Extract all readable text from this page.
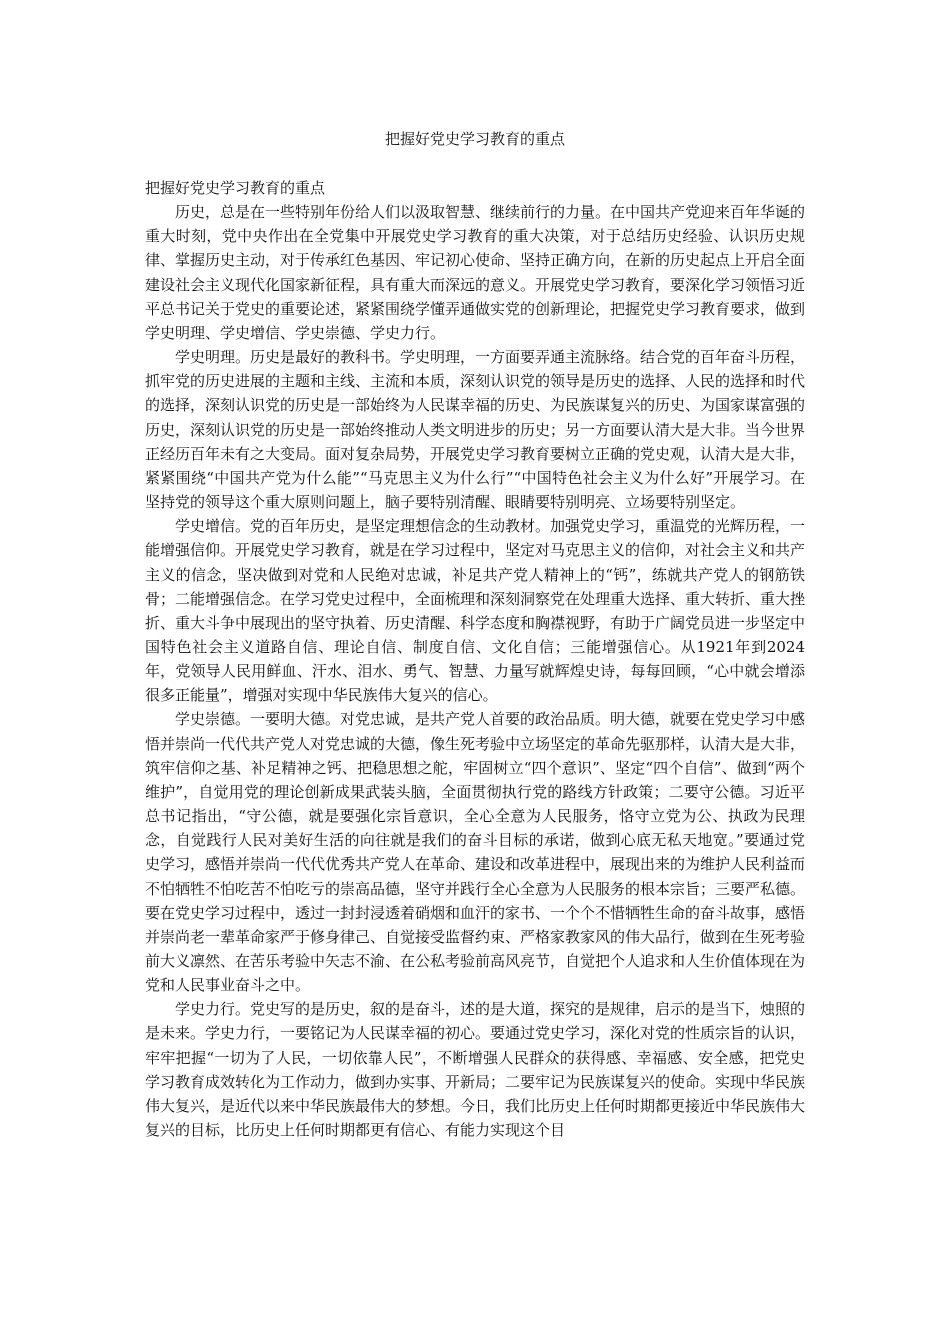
把握好党史学习教育的重点

把握好党史学习教育的重点

历史，总是在一些特别年份给人们以汲取智慧、继续前行的力量。在中国共产党迎来百年华诞的重大时刻，党中央作出在全党集中开展党史学习教育的重大决策，对于总结历史经验、认识历史规律、掌握历史主动，对于传承红色基因、牢记初心使命、坚持正确方向，在新的历史起点上开启全面建设社会主义现代化国家新征程，具有重大而深远的意义。开展党史学习教育，要深化学习领悟习近平总书记关于党史的重要论述，紧紧围绕学懂弄通做实党的创新理论，把握党史学习教育要求，做到学史明理、学史增信、学史崇德、学史力行。

学史明理。历史是最好的教科书。学史明理，一方面要弄通主流脉络。结合党的百年奋斗历程，抓牢党的历史进展的主题和主线、主流和本质，深刻认识党的领导是历史的选择、人民的选择和时代的选择，深刻认识党的历史是一部始终为人民谋幸福的历史、为民族谋复兴的历史、为国家谋富强的历史，深刻认识党的历史是一部始终推动人类文明进步的历史；另一方面要认清大是大非。当今世界正经历百年未有之大变局。面对复杂局势，开展党史学习教育要树立正确的党史观，认清大是大非，紧紧围绕“中国共产党为什么能”“马克思主义为什么行”“中国特色社会主义为什么好”开展学习。在坚持党的领导这个重大原则问题上，脑子要特别清醒、眼睛要特别明亮、立场要特别坚定。

学史增信。党的百年历史，是坚定理想信念的生动教材。加强党史学习，重温党的光辉历程，一能增强信仰。开展党史学习教育，就是在学习过程中，坚定对马克思主义的信仰，对社会主义和共产主义的信念，坚决做到对党和人民绝对忠诚，补足共产党人精神上的“钙”，练就共产党人的钢筋铁骨；二能增强信念。在学习党史过程中，全面梳理和深刻洞察党在处理重大选择、重大转折、重大挫折、重大斗争中展现出的坚守执着、历史清醒、科学态度和胸襟视野，有助于广阔党员进一步坚定中国特色社会主义道路自信、理论自信、制度自信、文化自信；三能增强信心。从1921年到2024年，党领导人民用鲜血、汗水、泪水、勇气、智慧、力量写就辉煌史诗，每每回顾，“心中就会增添很多正能量”，增强对实现中华民族伟大复兴的信心。

学史崇德。一要明大德。对党忠诚，是共产党人首要的政治品质。明大德，就要在党史学习中感悟并崇尚一代代共产党人对党忠诚的大德，像生死考验中立场坚定的革命先驱那样，认清大是大非，筑牢信仰之基、补足精神之钙、把稳思想之舵，牢固树立“四个意识”、坚定“四个自信”、做到“两个维护”，自觉用党的理论创新成果武装头脑，全面贯彻执行党的路线方针政策；二要守公德。习近平总书记指出，“守公德，就是要强化宗旨意识，全心全意为人民服务，恪守立党为公、执政为民理念，自觉践行人民对美好生活的向往就是我们的奋斗目标的承诺，做到心底无私天地宽。”要通过党史学习，感悟并崇尚一代代优秀共产党人在革命、建设和改革进程中，展现出来的为维护人民利益而不怕牺牲不怕吃苦不怕吃亏的崇高品德，坚守并践行全心全意为人民服务的根本宗旨；三要严私德。要在党史学习过程中，透过一封封浸透着硝烟和血汗的家书、一个个不惜牺牲生命的奋斗故事，感悟并崇尚老一辈革命家严于修身律己、自觉接受监督约束、严格家教家风的伟大品行，做到在生死考验前大义凛然、在苦乐考验中矢志不渝、在公私考验前高风亮节，自觉把个人追求和人生价值体现在为党和人民事业奋斗之中。

学史力行。党史写的是历史，叙的是奋斗，述的是大道，探究的是规律，启示的是当下，烛照的是未来。学史力行，一要铭记为人民谋幸福的初心。要通过党史学习，深化对党的性质宗旨的认识，牢牢把握“一切为了人民，一切依靠人民”，不断增强人民群众的获得感、幸福感、安全感，把党史学习教育成效转化为工作动力，做到办实事、开新局；二要牢记为民族谋复兴的使命。实现中华民族伟大复兴，是近代以来中华民族最伟大的梦想。今日，我们比历史上任何时期都更接近中华民族伟大复兴的目标，比历史上任何时期都更有信心、有能力实现这个目
